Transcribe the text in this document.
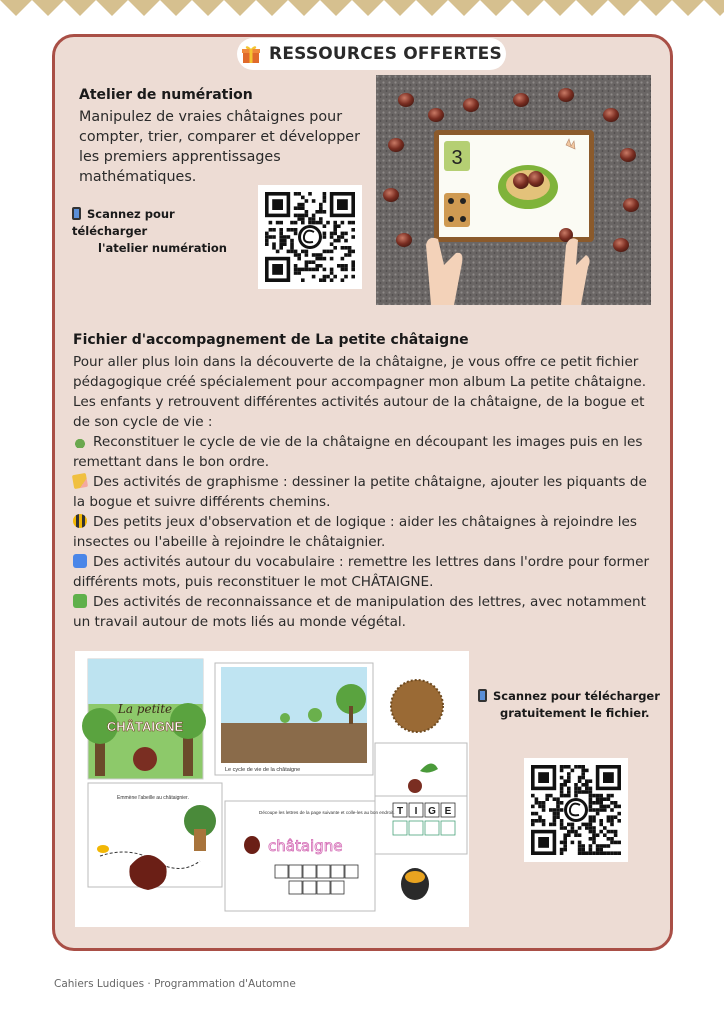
RESSOURCES OFFERTES
Atelier de numération
Manipulez de vraies châtaignes pour compter, trier, comparer et développer les premiers apprentissages mathématiques.
Scannez pour télécharger
l'atelier numération
3
Fichier d'accompagnement de La petite châtaigne

Pour aller plus loin dans la découverte de la châtaigne, je vous offre ce petit fichier pédagogique créé spécialement pour accompagner mon album La petite châtaigne. Les enfants y retrouvent différentes activités autour de la châtaigne, de la bogue et de son cycle de vie :

Reconstituer le cycle de vie de la châtaigne en découpant les images puis en les remettant dans le bon ordre.

Des activités de graphisme : dessiner la petite châtaigne, ajouter les piquants de la bogue et suivre différents chemins.

Des petits jeux d'observation et de logique : aider les châtaignes à rejoindre les insectes ou l'abeille à rejoindre le châtaignier.

Des activités autour du vocabulaire : remettre les lettres dans l'ordre pour former différents mots, puis reconstituer le mot CHÂTAIGNE.

Des activités de reconnaissance et de manipulation des lettres, avec notamment un travail autour de mots liés au monde végétal.

La petite
CHÂTAIGNE
Le cycle de vie de la châtaigne
T I G E
Emmène l'abeille au châtaignier.
Découpe les lettres de la page suivante et colle-les au bon endroit.
châtaigne
Scannez pour télécharger
gratuitement le fichier.
Cahiers Ludiques · Programmation d'Automne
